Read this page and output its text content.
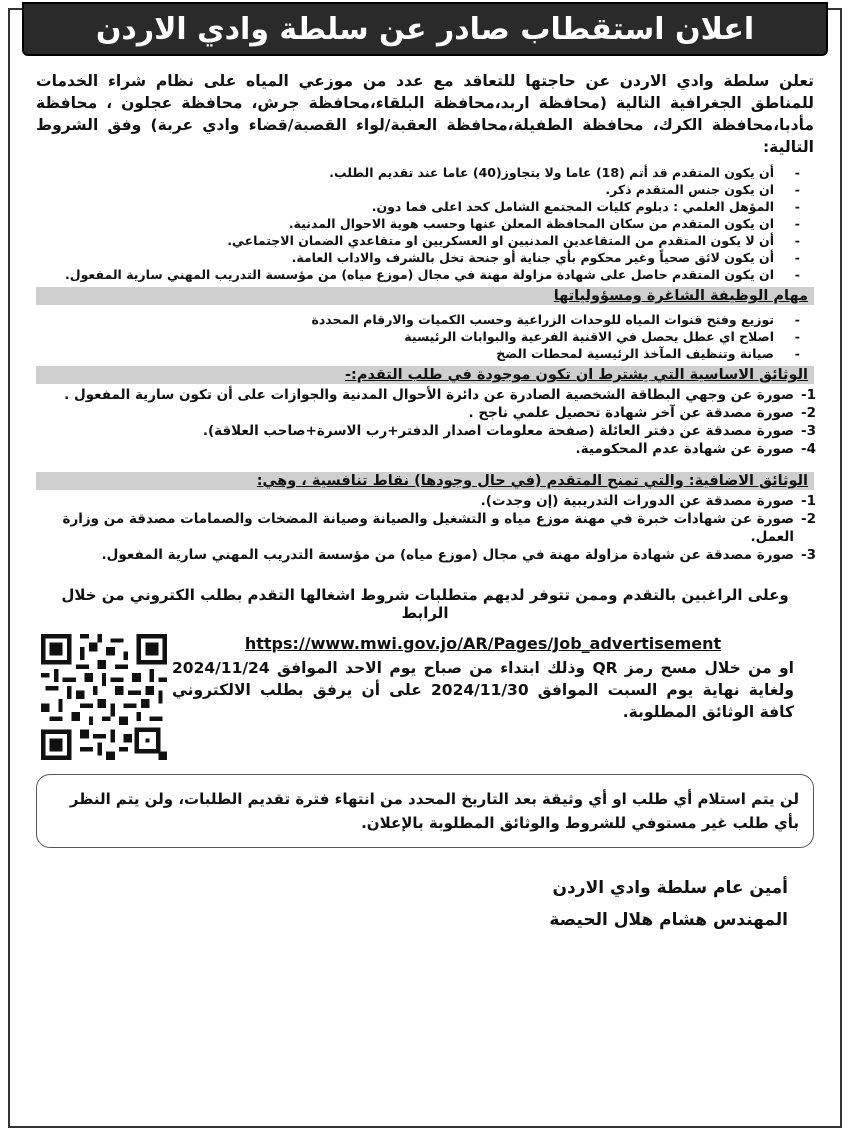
اعلان استقطاب صادر عن سلطة وادي الاردن

تعلن سلطة وادي الاردن عن حاجتها للتعاقد مع عدد من موزعي المياه على نظام شراء الخدمات للمناطق الجغرافية التالية (محافظة اربد،محافظة البلقاء،محافظة جرش، محافظة عجلون ، محافظة مأدبا،محافظة الكرك، محافظة الطفيلة،محافظة العقبة/لواء القصبة/قضاء وادي عربة) وفق الشروط التالية:

- أن يكون المتقدم قد أتم (18) عاما ولا يتجاوز(40) عاما عند تقديم الطلب.
- ان يكون جنس المتقدم ذكر.
- المؤهل العلمي : دبلوم كليات المجتمع الشامل كحد اعلى فما دون.
- ان يكون المتقدم من سكان المحافظة المعلن عنها وحسب هوية الاحوال المدنية.
- أن لا يكون المتقدم من المتقاعدين المدنيين او العسكريين او متقاعدي الضمان الاجتماعي.
- أن يكون لائق صحياً وغير محكوم بأي جناية أو جنحة تخل بالشرف والاداب العامة.
- ان يكون المتقدم حاصل على شهادة مزاولة مهنة في مجال (موزع مياه) من مؤسسة التدريب المهني سارية المفعول.
مهام الوظيفة الشاغرة ومسؤولياتها
- توزيع وفتح قنوات المياه للوحدات الزراعية وحسب الكميات والارقام المحددة
- اصلاح اي عطل يحصل في الاقنية الفرعية والبوابات الرئيسية
- صيانة وتنظيف المآخذ الرئيسية لمحطات الضخ
الوثائق الاساسية التي يشترط ان تكون موجودة في طلب التقدم:-
1-
صورة عن وجهي البطاقة الشخصية الصادرة عن دائرة الأحوال المدنية والجوازات على أن تكون سارية المفعول .
2-
صورة مصدقة عن آخر شهادة تحصيل علمي ناجح .
3-
صورة مصدقة عن دفتر العائلة (صفحة معلومات اصدار الدفتر+رب الاسرة+صاحب العلاقة).
4-
صورة عن شهادة عدم المحكومية.
الوثائق الاضافية: والتي تمنح المتقدم (في حال وجودها) نقاط تنافسية ، وهي:
1-
صورة مصدقة عن الدورات التدريبية (إن وجدت).
2-
صورة عن شهادات خبرة في مهنة موزع مياه و التشغيل والصيانة وصيانة المضخات والصمامات مصدقة من وزارة العمل.
3-
صورة مصدقة عن شهادة مزاولة مهنة في مجال (موزع مياه) من مؤسسة التدريب المهني سارية المفعول.
وعلى الراغبين بالتقدم وممن تتوفر لديهم متطلبات شروط اشغالها التقدم بطلب الكتروني من خلال الرابط
https://www.mwi.gov.jo/AR/Pages/Job_advertisement

او من خلال مسح رمز QR وذلك ابتداء من صباح يوم الاحد الموافق 2024/11/24 ولغاية نهاية يوم السبت الموافق 2024/11/30 على أن يرفق بطلب الالكتروني كافة الوثائق المطلوبة.

لن يتم استلام أي طلب او أي وثيقة بعد التاريخ المحدد من انتهاء فترة تقديم الطلبات، ولن يتم النظر بأي طلب غير مستوفي للشروط والوثائق المطلوبة بالإعلان.
أمين عام سلطة وادي الاردن
المهندس هشام هلال الحيصة
